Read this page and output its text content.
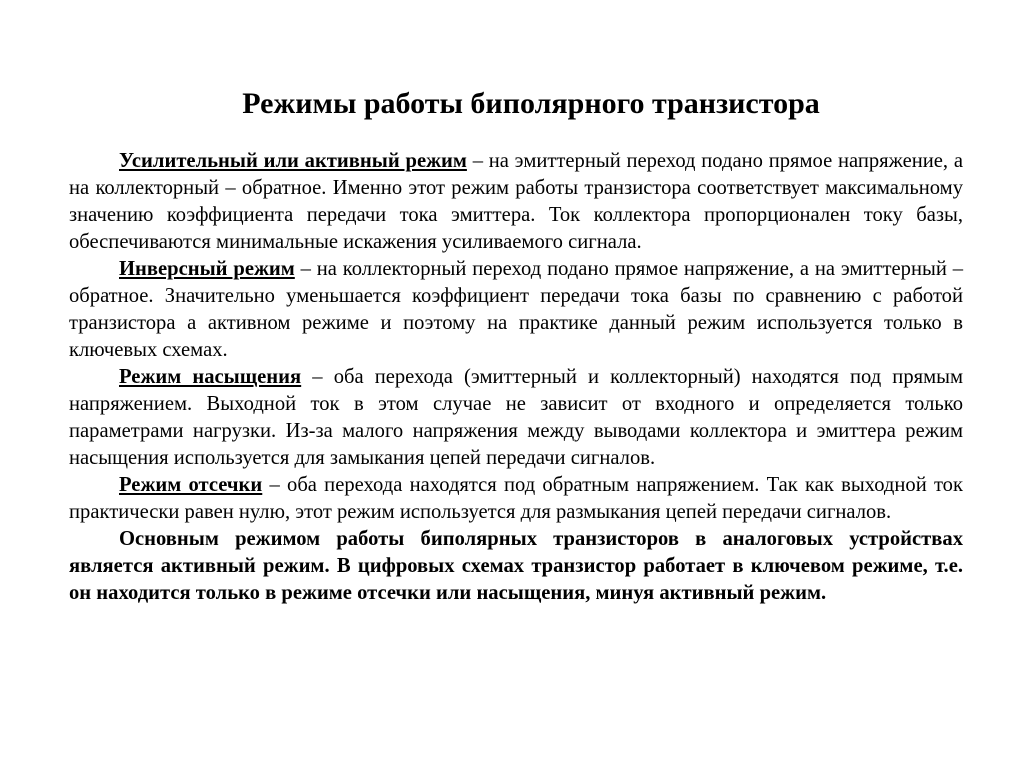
Режимы работы биполярного транзистора

Усилительный или активный режим – на эмиттерный переход подано прямое напряжение, а на коллекторный – обратное. Именно этот режим работы транзистора соответствует максимальному значению коэффициента передачи тока эмиттера. Ток коллектора пропорционален току базы, обеспечиваются минимальные искажения усиливаемого сигнала.

Инверсный режим – на коллекторный переход подано прямое напряжение, а на эмиттерный – обратное. Значительно уменьшается коэффициент передачи тока базы по сравнению с работой транзистора а активном режиме и поэтому на практике данный режим используется только в ключевых схемах.

Режим насыщения – оба перехода (эмиттерный и коллекторный) находятся под прямым напряжением. Выходной ток в этом случае не зависит от входного и определяется только параметрами нагрузки. Из-за малого напряжения между выводами коллектора и эмиттера режим насыщения используется для замыкания цепей передачи сигналов.

Режим отсечки – оба перехода находятся под обратным напряжением. Так как выходной ток практически равен нулю, этот режим используется для размыкания цепей передачи сигналов.

Основным режимом работы биполярных транзисторов в аналоговых устройствах является активный режим. В цифровых схемах транзистор работает в ключевом режиме, т.е. он находится только в режиме отсечки или насыщения, минуя активный режим.
